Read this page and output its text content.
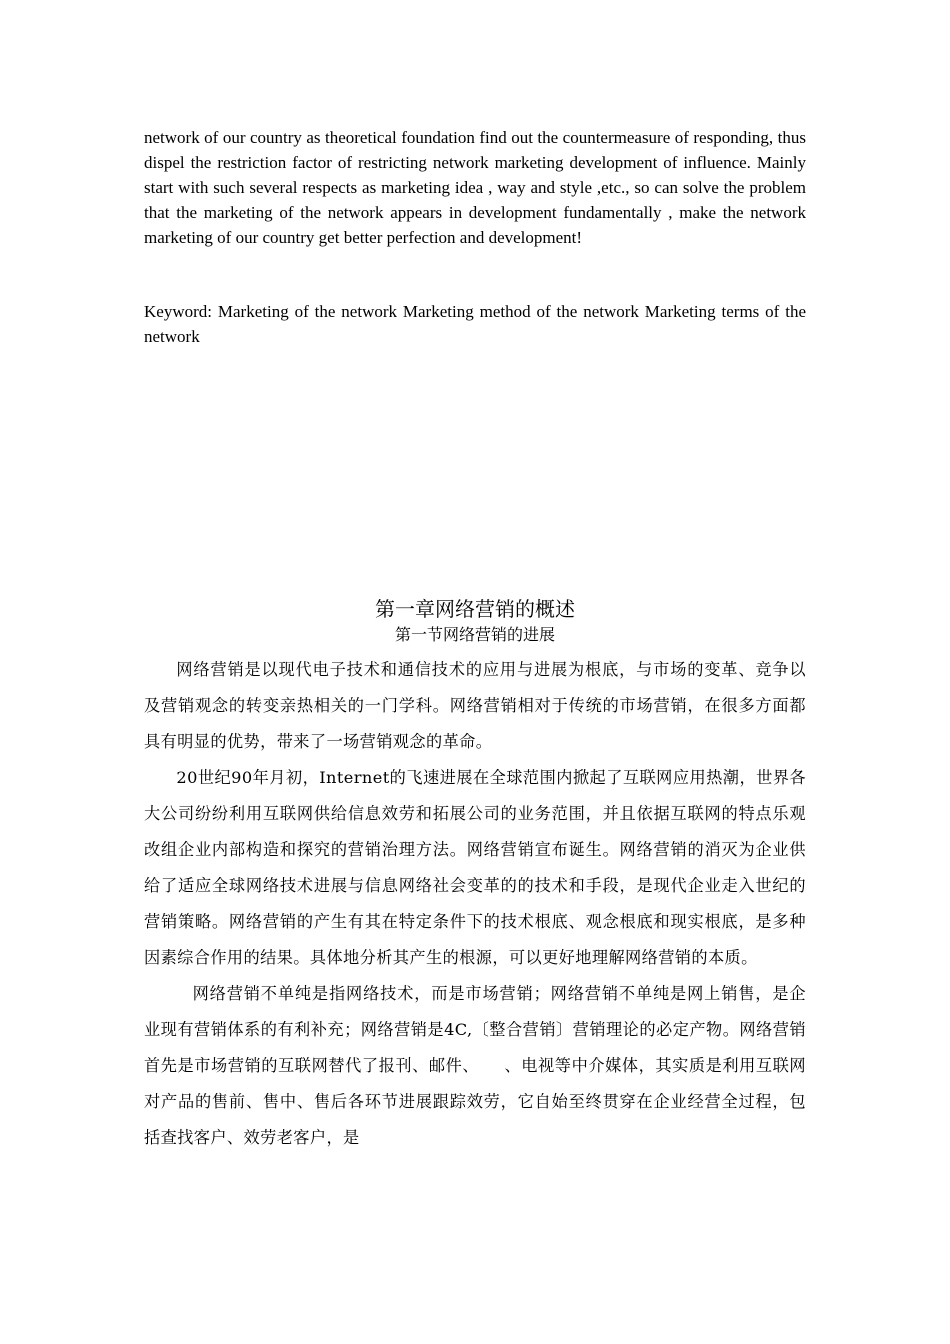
network of our country as theoretical foundation find out the countermeasure of responding, thus dispel the restriction factor of restricting network marketing development of influence. Mainly start with such several respects as marketing idea , way and style ,etc., so can solve the problem that the marketing of the network appears in development fundamentally , make the network marketing of our country get better perfection and development!
Keyword: Marketing of the network Marketing method of the network Marketing terms of the network
第一章网络营销的概述
第一节网络营销的进展

网络营销是以现代电子技术和通信技术的应用与进展为根底，与市场的变革、竞争以及营销观念的转变亲热相关的一门学科。网络营销相对于传统的市场营销，在很多方面都具有明显的优势，带来了一场营销观念的革命。

20世纪90年月初，Internet的飞速进展在全球范围内掀起了互联网应用热潮，世界各大公司纷纷利用互联网供给信息效劳和拓展公司的业务范围，并且依据互联网的特点乐观改组企业内部构造和探究的营销治理方法。网络营销宣布诞生。网络营销的消灭为企业供给了适应全球网络技术进展与信息网络社会变革的的技术和手段，是现代企业走入世纪的营销策略。网络营销的产生有其在特定条件下的技术根底、观念根底和现实根底，是多种因素综合作用的结果。具体地分析其产生的根源，可以更好地理解网络营销的本质。

网络营销不单纯是指网络技术，而是市场营销；网络营销不单纯是网上销售，是企业现有营销体系的有利补充；网络营销是4C,〔整合营销〕营销理论的必定产物。网络营销首先是市场营销的互联网替代了报刊、邮件、　　、电视等中介媒体，其实质是利用互联网对产品的售前、售中、售后各环节进展跟踪效劳，它自始至终贯穿在企业经营全过程，包括查找客户、效劳老客户，是
